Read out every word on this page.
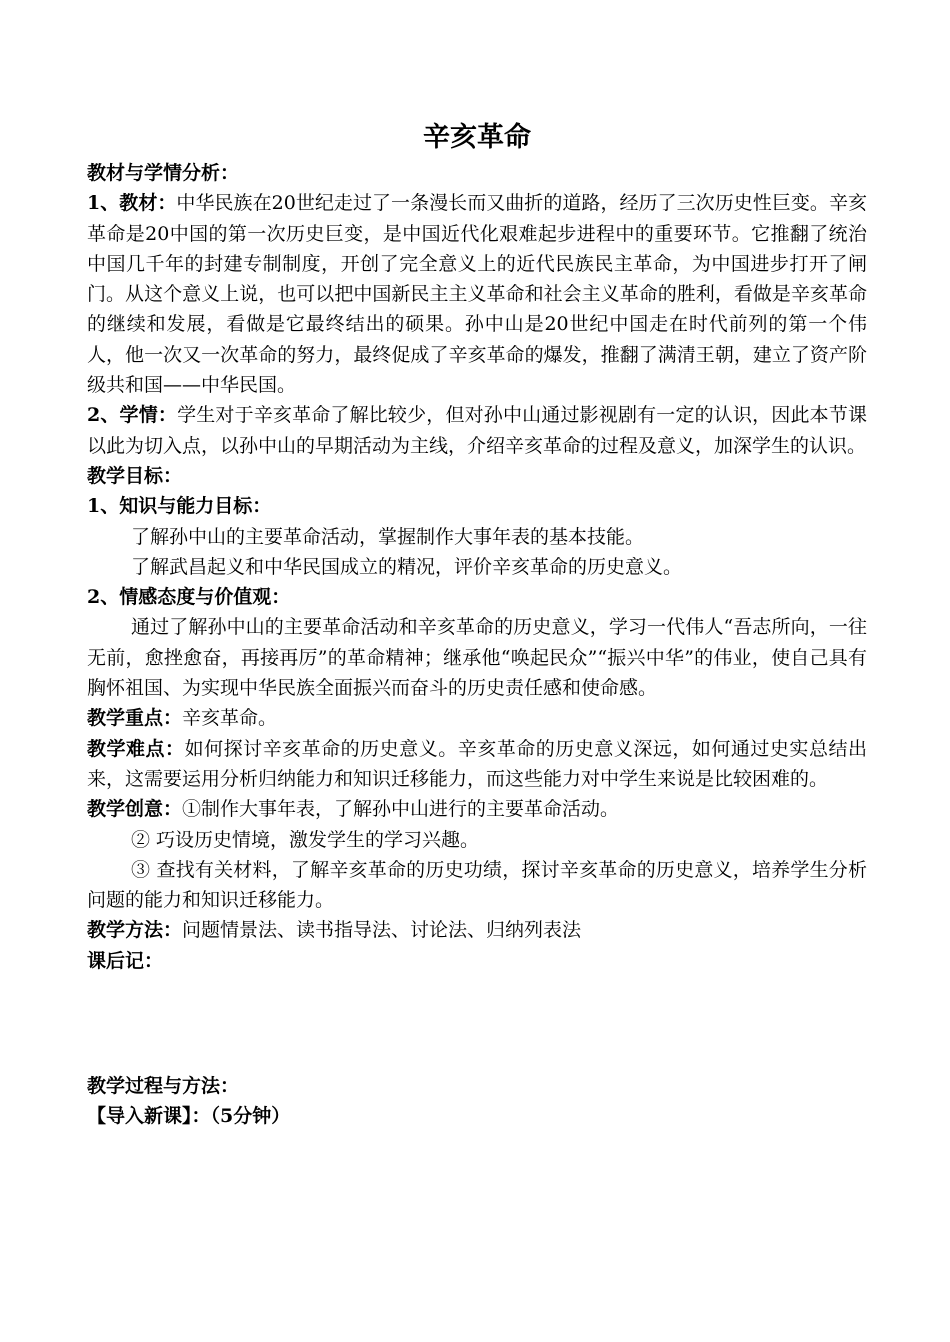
辛亥革命
教材与学情分析：
1、教材：中华民族在20世纪走过了一条漫长而又曲折的道路，经历了三次历史性巨变。辛亥革命是20中国的第一次历史巨变，是中国近代化艰难起步进程中的重要环节。它推翻了统治中国几千年的封建专制制度，开创了完全意义上的近代民族民主革命，为中国进步打开了闸门。从这个意义上说，也可以把中国新民主主义革命和社会主义革命的胜利，看做是辛亥革命的继续和发展，看做是它最终结出的硕果。孙中山是20世纪中国走在时代前列的第一个伟人，他一次又一次革命的努力，最终促成了辛亥革命的爆发，推翻了满清王朝，建立了资产阶级共和国——中华民国。
2、学情：学生对于辛亥革命了解比较少，但对孙中山通过影视剧有一定的认识，因此本节课以此为切入点，以孙中山的早期活动为主线，介绍辛亥革命的过程及意义，加深学生的认识。
教学目标：
1、知识与能力目标：
了解孙中山的主要革命活动，掌握制作大事年表的基本技能。
了解武昌起义和中华民国成立的精况，评价辛亥革命的历史意义。
2、情感态度与价值观：
通过了解孙中山的主要革命活动和辛亥革命的历史意义，学习一代伟人“吾志所向，一往无前，愈挫愈奋，再接再厉”的革命精神；继承他“唤起民众”“振兴中华”的伟业，使自己具有胸怀祖国、为实现中华民族全面振兴而奋斗的历史责任感和使命感。
教学重点：辛亥革命。
教学难点：如何探讨辛亥革命的历史意义。辛亥革命的历史意义深远，如何通过史实总结出来，这需要运用分析归纳能力和知识迁移能力，而这些能力对中学生来说是比较困难的。
教学创意：①制作大事年表，了解孙中山进行的主要革命活动。
② 巧设历史情境，激发学生的学习兴趣。
③ 查找有关材料，了解辛亥革命的历史功绩，探讨辛亥革命的历史意义，培养学生分析问题的能力和知识迁移能力。
教学方法：问题情景法、读书指导法、讨论法、归纳列表法
课后记：
教学过程与方法：
【导入新课】：（5分钟）
